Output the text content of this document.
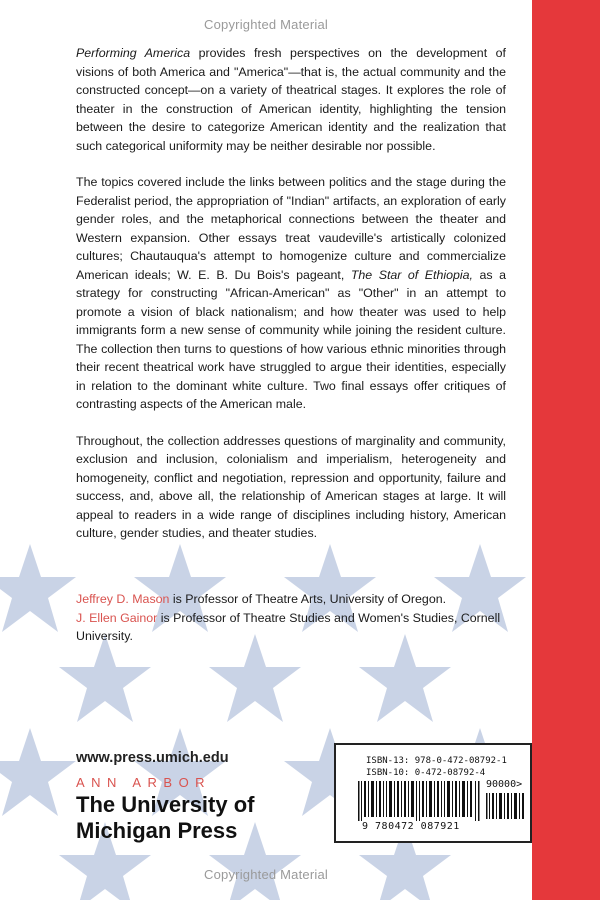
Copyrighted Material

Performing America provides fresh perspectives on the development of visions of both America and "America"—that is, the actual community and the constructed concept—on a variety of theatrical stages. It explores the role of theater in the construction of American identity, highlighting the tension between the desire to categorize American identity and the realization that such categorical uniformity may be neither desirable nor possible.

The topics covered include the links between politics and the stage during the Federalist period, the appropriation of "Indian" artifacts, an exploration of early gender roles, and the metaphorical connections between the theater and Western expansion. Other essays treat vaudeville's artistically colonized cultures; Chautauqua's attempt to homogenize culture and commercialize American ideals; W. E. B. Du Bois's pageant, The Star of Ethiopia, as a strategy for constructing "African-American" as "Other" in an attempt to promote a vision of black nationalism; and how theater was used to help immigrants form a new sense of community while joining the resident culture. The collection then turns to questions of how various ethnic minorities through their recent theatrical work have struggled to argue their identities, especially in relation to the dominant white culture. Two final essays offer critiques of contrasting aspects of the American male.

Throughout, the collection addresses questions of marginality and community, exclusion and inclusion, colonialism and imperialism, heterogeneity and homogeneity, conflict and negotiation, repression and opportunity, failure and success, and, above all, the relationship of American stages at large. It will appeal to readers in a wide range of disciplines including history, American culture, gender studies, and theater studies.

Jeffrey D. Mason is Professor of Theatre Arts, University of Oregon.
J. Ellen Gainor is Professor of Theatre Studies and Women's Studies, Cornell University.
www.press.umich.edu
ANN ARBOR
The University of
Michigan Press
ISBN-13: 978-0-472-08792-1
ISBN-10: 0-472-08792-4
90000>
9 780472 087921
Copyrighted Material
